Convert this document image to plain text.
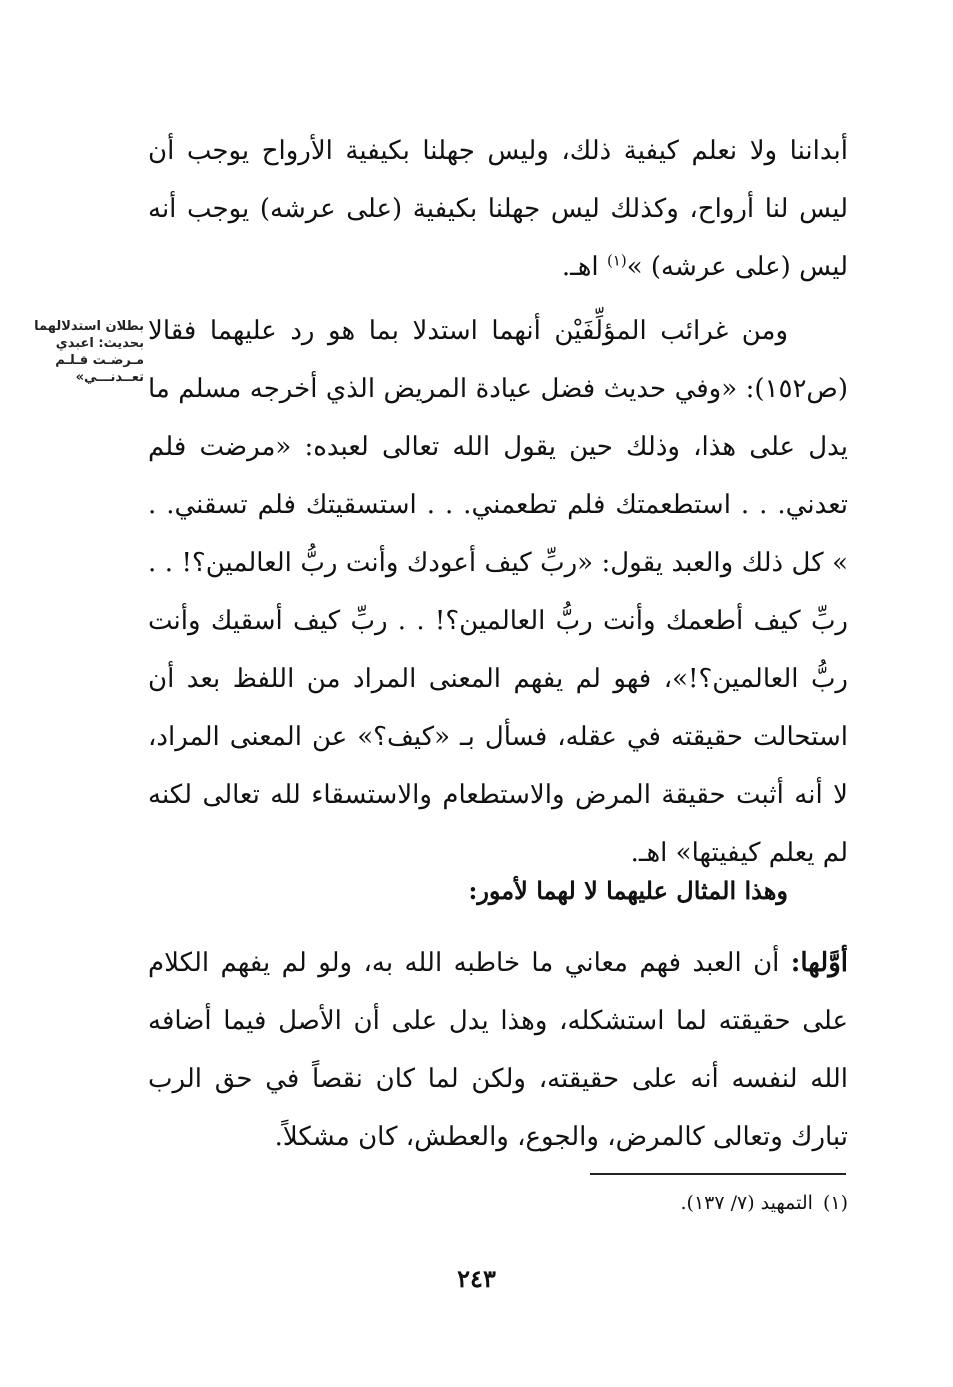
بطلان استدلالهما بحديث: اعبدي مـرضـت فـلـم تعــدنـــي»

أبداننا ولا نعلم كيفية ذلك، وليس جهلنا بكيفية الأرواح يوجب أن ليس لنا أرواح، وكذلك ليس جهلنا بكيفية (على عرشه) يوجب أنه ليس (على عرشه) »$^{(١)}$ اهـ.

ومن غرائب المؤلِّفَيْن أنهما استدلا بما هو رد عليهما فقالا (ص١٥٢): «وفي حديث فضل عيادة المريض الذي أخرجه مسلم ما يدل على هذا، وذلك حين يقول الله تعالى لعبده: «مرضت فلم تعدني. . . استطعمتك فلم تطعمني. . . استسقيتك فلم تسقني. . » كل ذلك والعبد يقول: «ربِّ كيف أعودك وأنت ربُّ العالمين؟! . . ربِّ كيف أطعمك وأنت ربُّ العالمين؟! . . ربِّ كيف أسقيك وأنت ربُّ العالمين؟!»، فهو لم يفهم المعنى المراد من اللفظ بعد أن استحالت حقيقته في عقله، فسأل بـ «كيف؟» عن المعنى المراد، لا أنه أثبت حقيقة المرض والاستطعام والاستسقاء لله تعالى لكنه لم يعلم كيفيتها» اهـ.

وهذا المثال عليهما لا لهما لأمور:

أوَّلها: أن العبد فهم معاني ما خاطبه الله به، ولو لم يفهم الكلام على حقيقته لما استشكله، وهذا يدل على أن الأصل فيما أضافه الله لنفسه أنه على حقيقته، ولكن لما كان نقصاً في حق الرب تبارك وتعالى كالمرض، والجوع، والعطش، كان مشكلاً.

(١)التمهيد (٧/ ١٣٧).
٢٤٣
